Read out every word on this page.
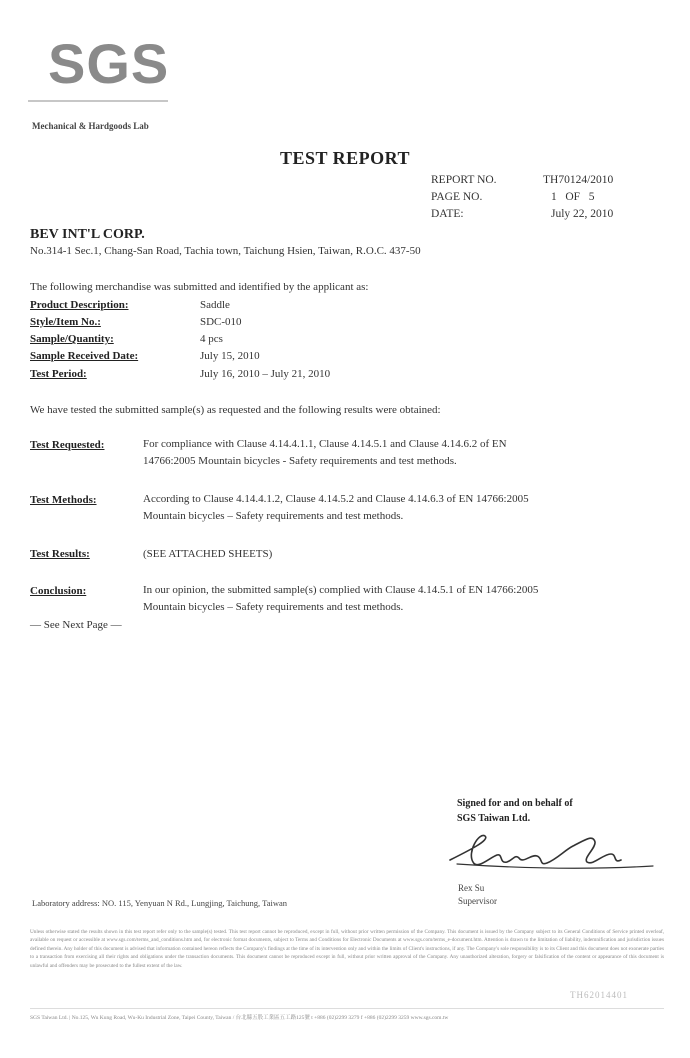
SGS
Mechanical & Hardgoods Lab
TEST REPORT
REPORT NO.	TH70124/2010
PAGE NO.	1   OF   5
DATE:	July 22, 2010
BEV INT'L CORP.
No.314-1 Sec.1, Chang-San Road, Tachia town, Taichung Hsien, Taiwan, R.O.C. 437-50
The following merchandise was submitted and identified by the applicant as:
Product Description:	Saddle
Style/Item No.:	SDC-010
Sample/Quantity:	4 pcs
Sample Received Date:	July 15, 2010
Test Period:	July 16, 2010 – July 21, 2010
We have tested the submitted sample(s) as requested and the following results were obtained:
Test Requested:	For compliance with Clause 4.14.4.1.1, Clause 4.14.5.1 and Clause 4.14.6.2 of EN
14766:2005 Mountain bicycles - Safety requirements and test methods.
Test Methods:	According to Clause 4.14.4.1.2, Clause 4.14.5.2 and Clause 4.14.6.3 of EN 14766:2005
Mountain bicycles – Safety requirements and test methods.
Test Results:	(SEE ATTACHED SHEETS)
Conclusion:	In our opinion, the submitted sample(s) complied with Clause 4.14.5.1 of EN 14766:2005
Mountain bicycles – Safety requirements and test methods.
— See Next Page —
Signed for and on behalf of
SGS Taiwan Ltd.
Rex Su
Supervisor
Laboratory address: NO. 115, Yenyuan N Rd., Lungjing, Taichung, Taiwan
Unless otherwise stated the results shown in this test report refer only to the sample(s) tested. This test report cannot be reproduced, except in full, without prior written permission of the Company. This document is issued by the Company subject to its General Conditions of Service printed overleaf, available on request or accessible at www.sgs.com/terms_and_conditions.htm and, for electronic format documents, subject to Terms and Conditions for Electronic Documents at www.sgs.com/terms_e-document.htm. Attention is drawn to the limitation of liability, indemnification and jurisdiction issues defined therein. Any holder of this document is advised that information contained hereon reflects the Company's findings at the time of its intervention only and within the limits of Client's instructions, if any. The Company's sole responsibility is to its Client and this document does not exonerate parties to a transaction from exercising all their rights and obligations under the transaction documents. This document cannot be reproduced except in full, without prior written approval of the Company. Any unauthorized alteration, forgery or falsification of the content or appearance of this document is unlawful and offenders may be prosecuted to the fullest extent of the law.
TH62014401
SGS Taiwan Ltd. | No.125, Wu Kung Road, Wu-Ku Industrial Zone, Taipei County, Taiwan / 台北縣五股工業區五工路125號 t +886 (02)2299 3279 f +886 (02)2299 3259 www.sgs.com.tw
